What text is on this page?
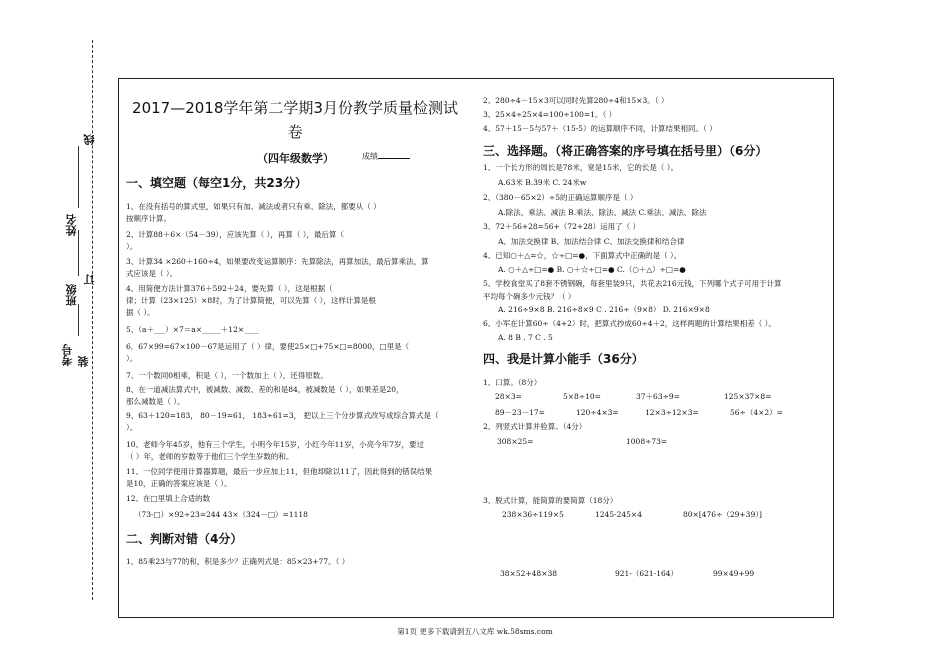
考号 装
班级
订
姓名
线
2017—2018学年第二学期3月份教学质量检测试
卷
（四年级数学）	成绩
一、填空题（每空1分，共23分）
1、在没有括号的算式里，如果只有加、减法或者只有乘、除法，都要从（ ）
按顺序计算。
2、计算88＋6×（54－39），应该先算（ ），再算（ ），最后算（
）。
3、计算34 ×260＋160÷4，如果要改变运算顺序：先算除法，再算加法，最后算乘法，算
式应该是（ ）。
4、用简便方法计算376＋592＋24，要先算（ ），这是根据（
律；计算（23×125）×8时，为了计算简便，可以先算（ ），这样计算是根
据（ ）。
5、（a＋___）×7＝a×_____＋12×____
6．67×99=67×100－67是运用了（ ）律，要使25×□+75×□=8000，□里是（
）。
7、一个数同0相乘，积是（ ），一个数加上（ ），还得原数。
8、在一道减法算式中，被减数、减数、差的和是84，被减数是（ ），如果差是20，
那么减数是（ ）。
9、63＋120=183， 80－19=61， 183÷61=3， 把以上三个分步算式改写成综合算式是（
）。
10、老师今年45岁，他有三个学生，小明今年15岁，小红今年11岁，小亮今年7岁，要过
（ ）年，老师的岁数等于他们三个学生岁数的和。
11、一位同学使用计算器算题，最后一步应加上11，但他却除以11了，因此得到的错误结果
是10，正确的答案应该是（ ）。
12、在□里填上合适的数
（73-□）×92÷23=244 43×（324－□）=1118
二、判断对错（4分）
1、85乘23与77的和，积是多少？正确列式是：85×23+77。（ ）
2、280÷4－15×3可以同时先算280÷4和15×3。（ ）
3、25×4÷25×4=100÷100=1。（ ）
4、57＋15－5与57＋（15-5）的运算顺序不同，计算结果相同。（ ）
三、选择题。（将正确答案的序号填在括号里）（6分）
1、一个长方形的周长是78米，宽是15米，它的长是（ ）。
A.63米 B.39米 C. 24米w
2、（380－65×2）÷5的正确运算顺序是（ ）
A.除法、乘法、减法 B.乘法、除法、减法 C.乘法、减法、除法
3、72＋56+28=56+（72+28）运用了（ ）
A、加法交换律 B、加法结合律 C、加法交换律和结合律
4、已知○＋△=☆，☆÷□=●，下面算式中正确的是（ ）。
A. ○＋△÷□=● B. ○＋☆÷□=● C.（○＋△）÷□=●
5、学校食堂买了8套不锈钢碗，每套里装9只，共花去216元钱，下列哪个式子可用于计算
平均每个碗多少元钱？（ ）
A. 216÷9×8 B. 216÷8×9 C . 216÷（9×8） D. 216×9×8
6、小军在计算60÷（4+2）时，把算式抄成60÷4＋2，这样两题的计算结果相差（ ）。
A. 8 B . 7 C . 5
四、我是计算小能手（36分）
1、口算。（8分）
28×3=	5×8÷10=	37＋63÷9=	125×37×8=
89－23－17=	120÷4×3=	12×3÷12×3=	56÷（4×2）=
2、列竖式计算并验算。（4分）
308×25=	1008÷73=
3、脱式计算，能简算的要简算（18分）
238×36÷119×5	1245-245×4	80×[476÷（29+39）]
38×52+48×38	921-（621-164）	99×49+99
第1页 更多下载请到五八文库 wk.58sms.com
